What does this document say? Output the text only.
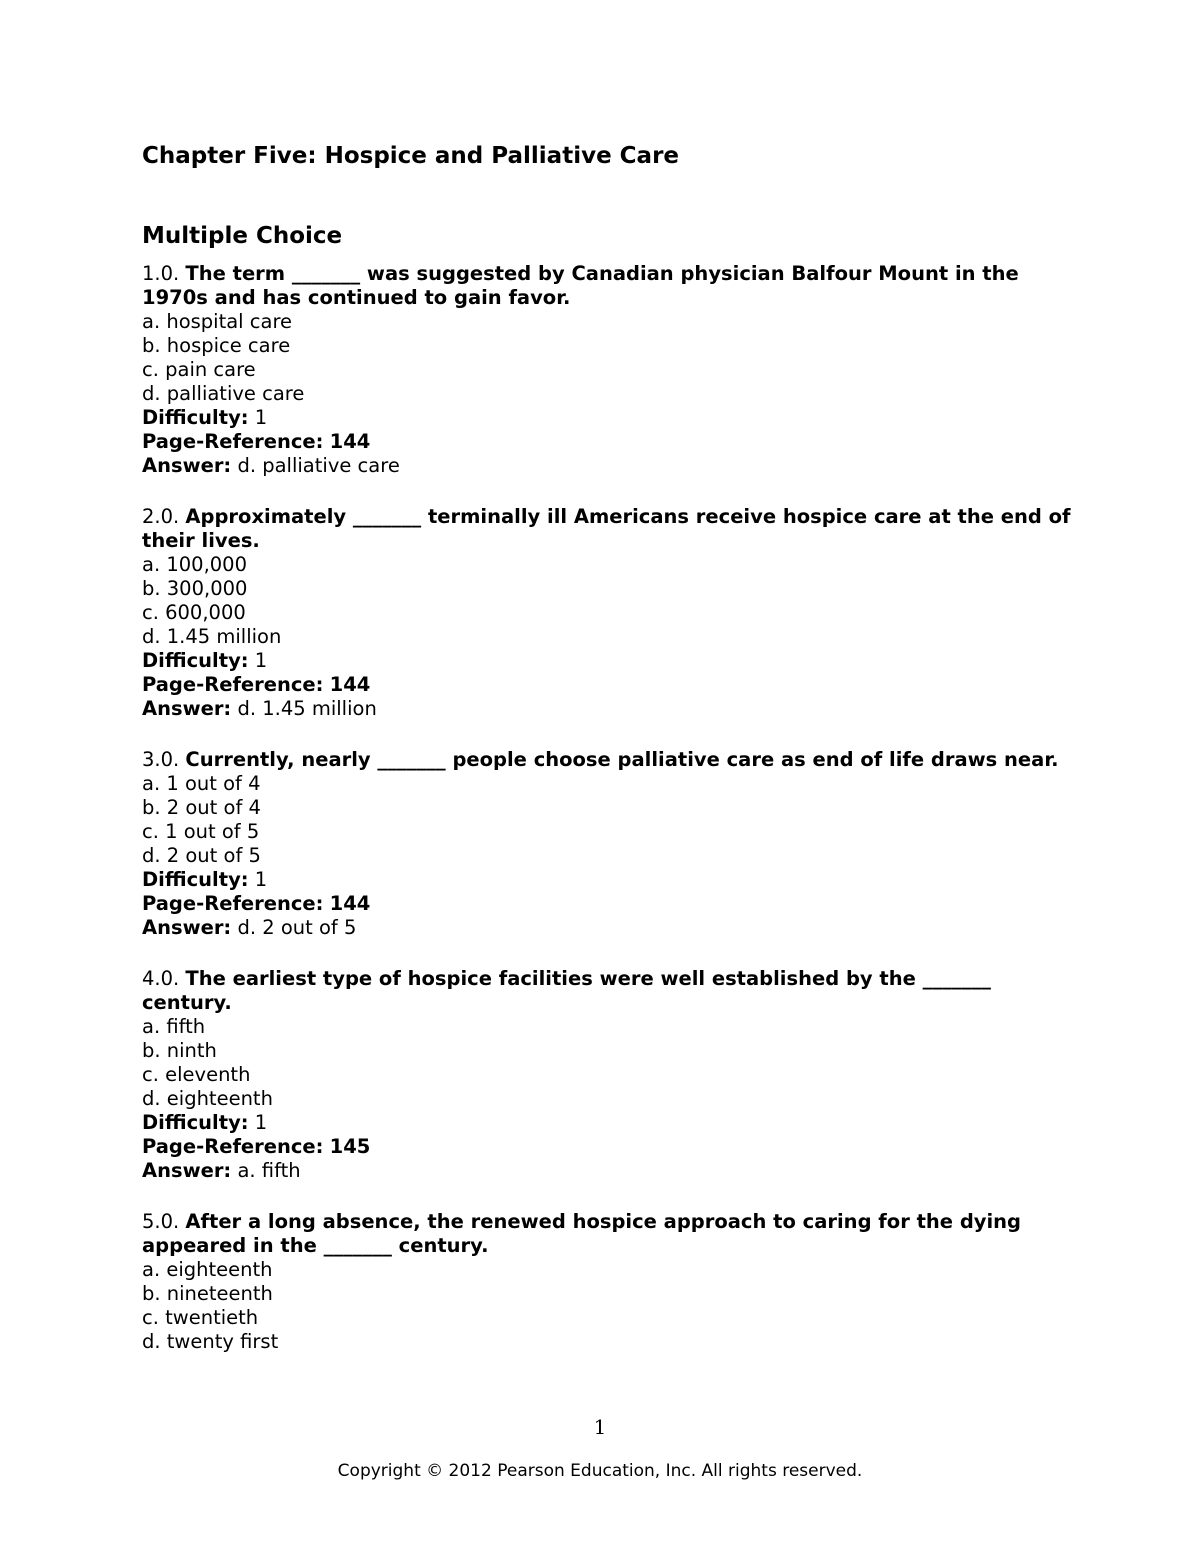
Chapter Five: Hospice and Palliative Care
Multiple Choice

1.0. The term _______ was suggested by Canadian physician Balfour Mount in the 1970s and has continued to gain favor.

a. hospital care

b. hospice care

c. pain care

d. palliative care

Difficulty: 1

Page-Reference: 144

Answer: d. palliative care

2.0. Approximately _______ terminally ill Americans receive hospice care at the end of their lives.

a. 100,000

b. 300,000

c. 600,000

d. 1.45 million

Difficulty: 1

Page-Reference: 144

Answer: d. 1.45 million

3.0. Currently, nearly _______ people choose palliative care as end of life draws near.

a. 1 out of 4

b. 2 out of 4

c. 1 out of 5

d. 2 out of 5

Difficulty: 1

Page-Reference: 144

Answer: d. 2 out of 5

4.0. The earliest type of hospice facilities were well established by the _______ century.

a. fifth

b. ninth

c. eleventh

d. eighteenth

Difficulty: 1

Page-Reference: 145

Answer: a. fifth

5.0. After a long absence, the renewed hospice approach to caring for the dying appeared in the _______ century.

a. eighteenth

b. nineteenth

c. twentieth

d. twenty first

1
Copyright © 2012 Pearson Education, Inc. All rights reserved.
